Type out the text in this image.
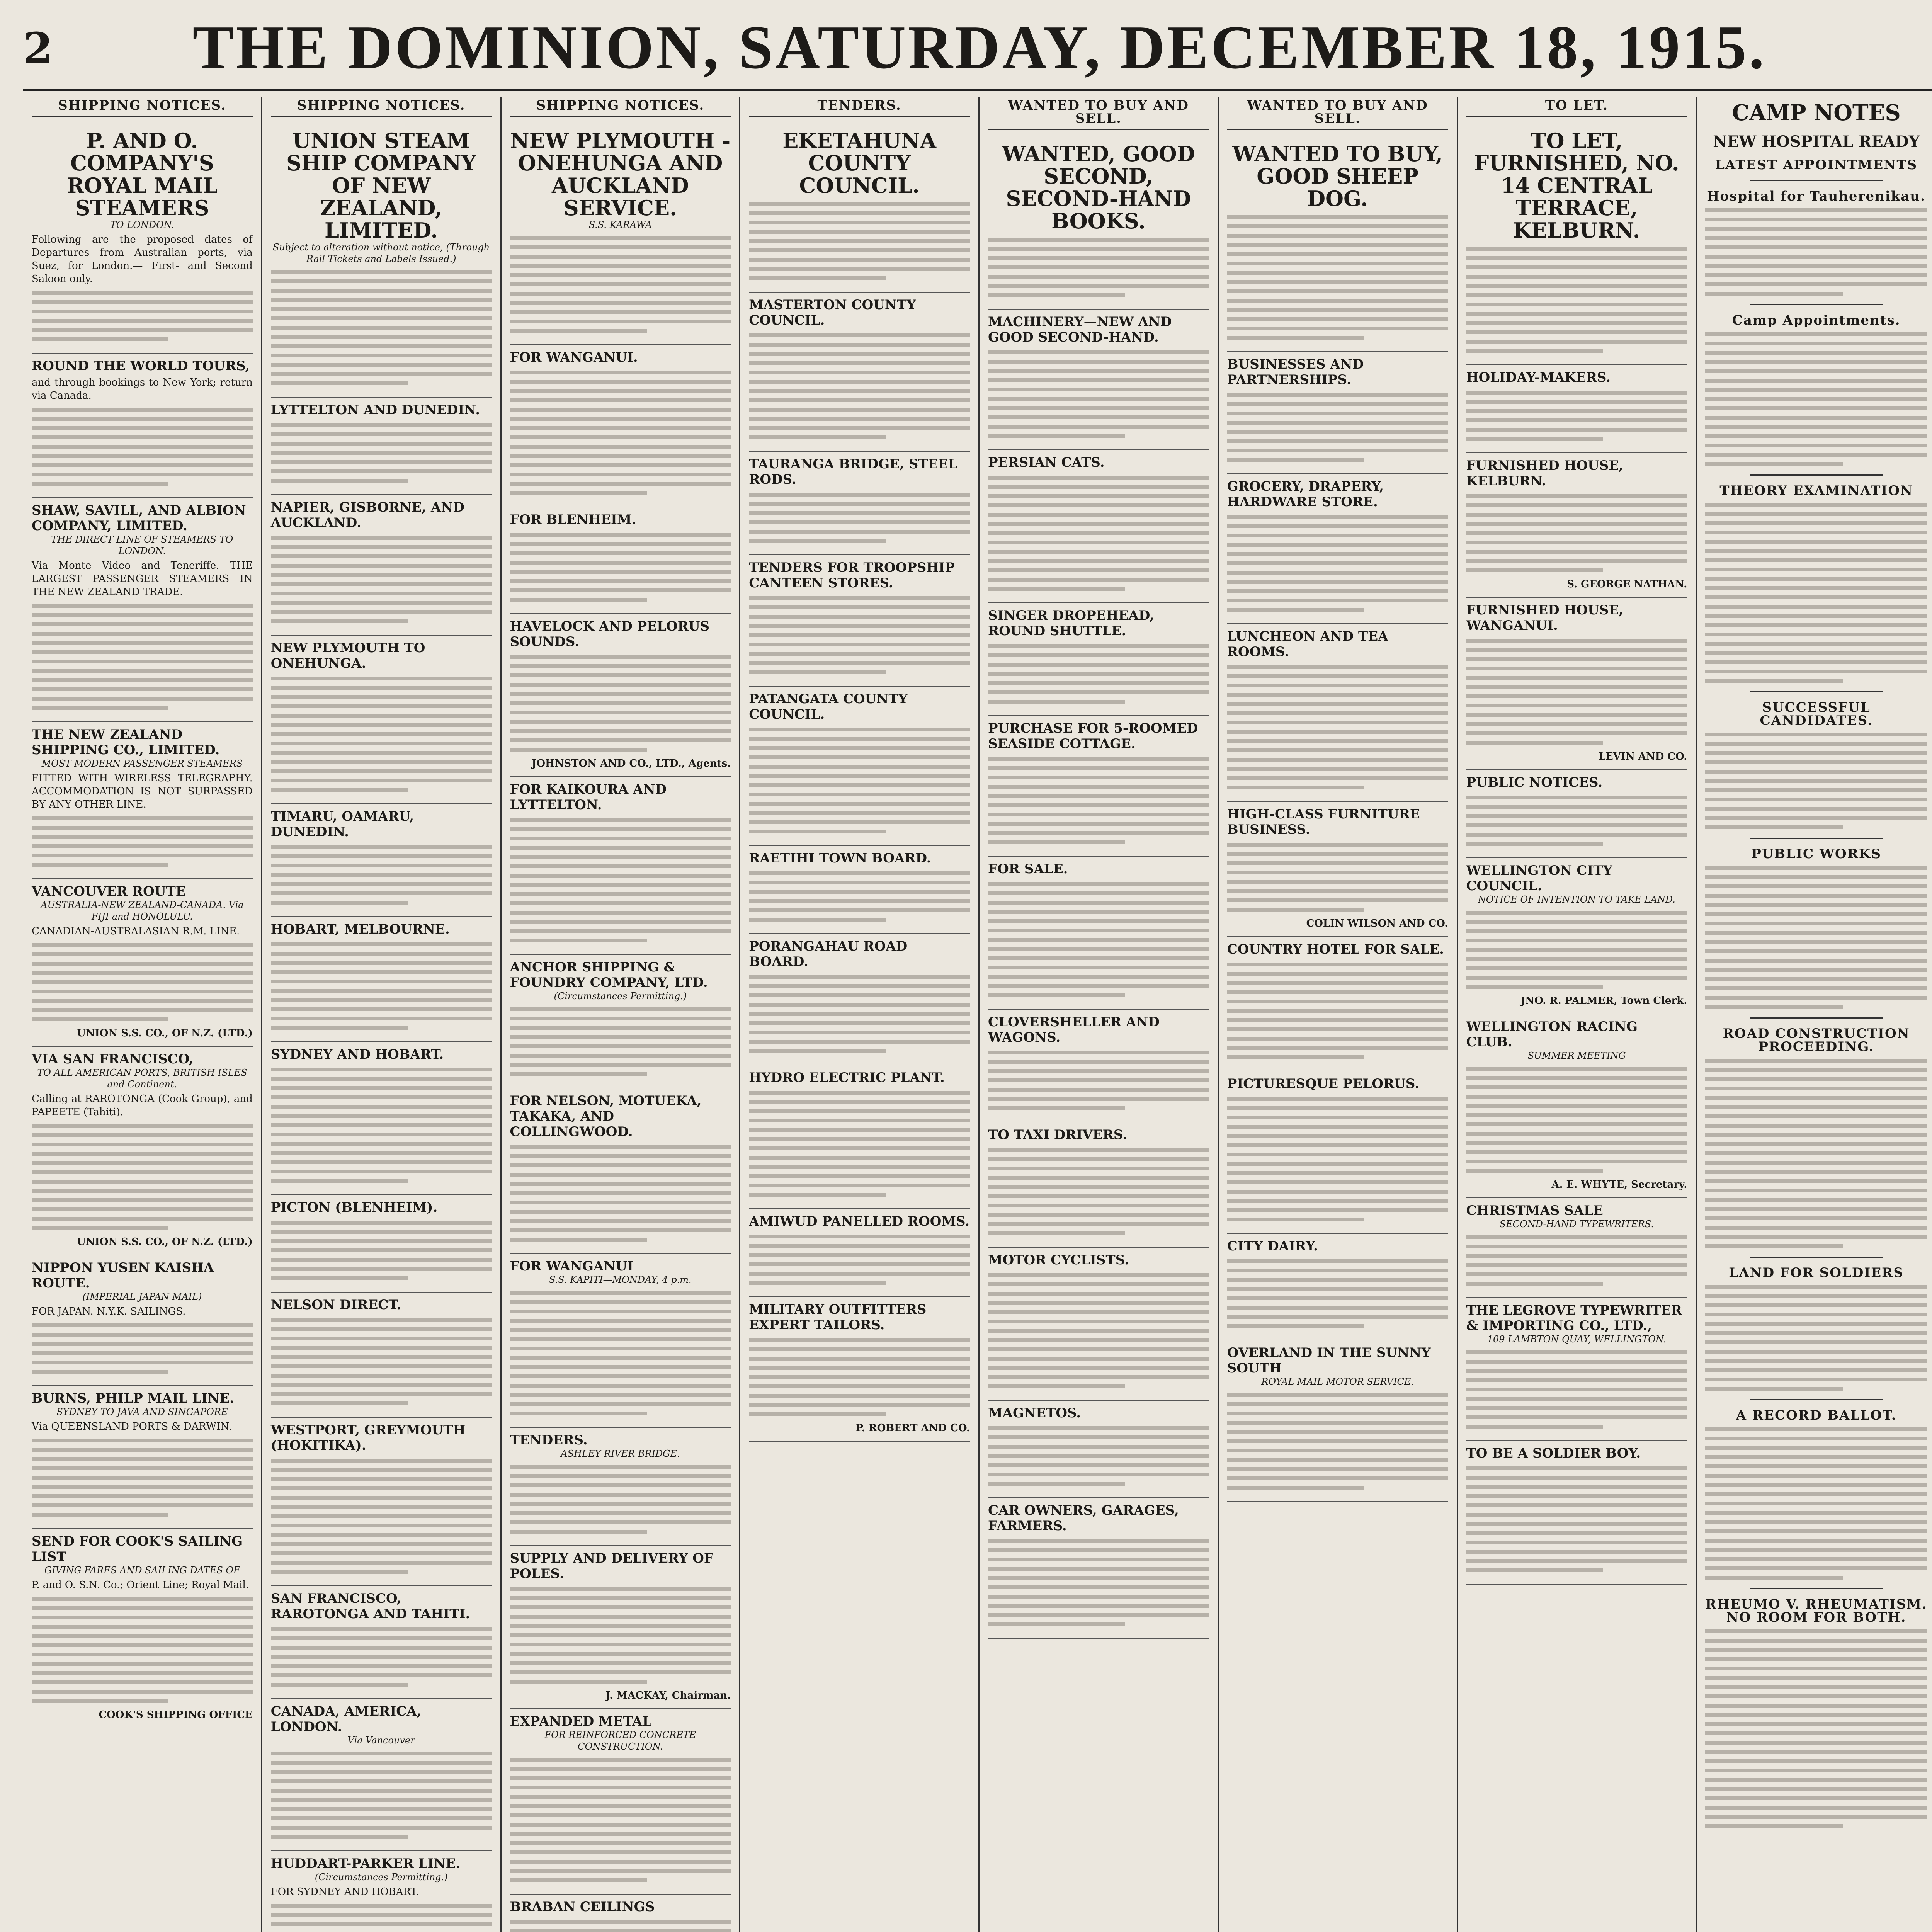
2	THE DOMINION, SATURDAY, DECEMBER 18, 1915.
SHIPPING NOTICES.
P. AND O. COMPANY'S ROYAL MAIL STEAMERS
TO LONDON.
Following are the proposed dates of Departures from Australian ports, via Suez, for London.— First- and Second Saloon only.
ROUND THE WORLD TOURS,
and through bookings to New York; return via Canada.
SHAW, SAVILL, AND ALBION COMPANY, LIMITED.
THE DIRECT LINE OF STEAMERS TO LONDON.
Via Monte Video and Teneriffe. THE LARGEST PASSENGER STEAMERS IN THE NEW ZEALAND TRADE.
THE NEW ZEALAND SHIPPING CO., LIMITED.
MOST MODERN PASSENGER STEAMERS
FITTED WITH WIRELESS TELEGRAPHY. ACCOMMODATION IS NOT SURPASSED BY ANY OTHER LINE.
VANCOUVER ROUTE
AUSTRALIA-NEW ZEALAND-CANADA. Via FIJI and HONOLULU.
CANADIAN-AUSTRALASIAN R.M. LINE.
UNION S.S. CO., OF N.Z. (LTD.)
VIA SAN FRANCISCO,
TO ALL AMERICAN PORTS, BRITISH ISLES and Continent.
Calling at RAROTONGA (Cook Group), and PAPEETE (Tahiti).
UNION S.S. CO., OF N.Z. (LTD.)
NIPPON YUSEN KAISHA ROUTE.
(IMPERIAL JAPAN MAIL)
FOR JAPAN. N.Y.K. SAILINGS.
BURNS, PHILP MAIL LINE.
SYDNEY TO JAVA AND SINGAPORE
Via QUEENSLAND PORTS & DARWIN.
SEND FOR COOK'S SAILING LIST
GIVING FARES AND SAILING DATES OF
P. and O. S.N. Co.; Orient Line; Royal Mail.
COOK'S SHIPPING OFFICE
SHIPPING NOTICES.
UNION STEAM SHIP COMPANY OF NEW ZEALAND, LIMITED.
Subject to alteration without notice, (Through Rail Tickets and Labels Issued.)
LYTTELTON AND DUNEDIN.
NAPIER, GISBORNE, AND AUCKLAND.
NEW PLYMOUTH TO ONEHUNGA.
TIMARU, OAMARU, DUNEDIN.
HOBART, MELBOURNE.
SYDNEY AND HOBART.
PICTON (BLENHEIM).
NELSON DIRECT.
WESTPORT, GREYMOUTH (HOKITIKA).
SAN FRANCISCO, RAROTONGA AND TAHITI.
CANADA, AMERICA, LONDON.
Via Vancouver
HUDDART-PARKER LINE.
(Circumstances Permitting.)
FOR SYDNEY AND HOBART.
SHIPPING NOTICES.
NEW PLYMOUTH - ONEHUNGA AND AUCKLAND SERVICE.
S.S. KARAWA
FOR WANGANUI.
FOR BLENHEIM.
HAVELOCK AND PELORUS SOUNDS.
JOHNSTON AND CO., LTD., Agents.
FOR KAIKOURA AND LYTTELTON.
ANCHOR SHIPPING & FOUNDRY COMPANY, LTD.
(Circumstances Permitting.)
FOR NELSON, MOTUEKA, TAKAKA, AND COLLINGWOOD.
FOR WANGANUI
S.S. KAPITI—MONDAY, 4 p.m.
TENDERS.
ASHLEY RIVER BRIDGE.
SUPPLY AND DELIVERY OF POLES.
J. MACKAY, Chairman.
EXPANDED METAL
FOR REINFORCED CONCRETE CONSTRUCTION.
BRABAN CEILINGS
TENDERS.
EKETAHUNA COUNTY COUNCIL.
MASTERTON COUNTY COUNCIL.
TAURANGA BRIDGE, STEEL RODS.
TENDERS FOR TROOPSHIP CANTEEN STORES.
PATANGATA COUNTY COUNCIL.
RAETIHI TOWN BOARD.
PORANGAHAU ROAD BOARD.
HYDRO ELECTRIC PLANT.
AMIWUD PANELLED ROOMS.
MILITARY OUTFITTERS EXPERT TAILORS.
P. ROBERT AND CO.
WANTED TO BUY AND SELL.
WANTED, GOOD SECOND, SECOND-HAND BOOKS.
MACHINERY—NEW AND GOOD SECOND-HAND.
PERSIAN CATS.
SINGER DROPEHEAD, ROUND SHUTTLE.
PURCHASE FOR 5-ROOMED SEASIDE COTTAGE.
FOR SALE.
CLOVERSHELLER AND WAGONS.
TO TAXI DRIVERS.
MOTOR CYCLISTS.
MAGNETOS.
CAR OWNERS, GARAGES, FARMERS.
WANTED TO BUY AND SELL.
WANTED TO BUY, GOOD SHEEP DOG.
BUSINESSES AND PARTNERSHIPS.
GROCERY, DRAPERY, HARDWARE STORE.
LUNCHEON AND TEA ROOMS.
HIGH-CLASS FURNITURE BUSINESS.
COLIN WILSON AND CO.
COUNTRY HOTEL FOR SALE.
PICTURESQUE PELORUS.
CITY DAIRY.
OVERLAND IN THE SUNNY SOUTH
ROYAL MAIL MOTOR SERVICE.
TO LET.
TO LET, FURNISHED, NO. 14 CENTRAL TERRACE, KELBURN.
HOLIDAY-MAKERS.
FURNISHED HOUSE, KELBURN.
S. GEORGE NATHAN.
FURNISHED HOUSE, WANGANUI.
LEVIN AND CO.
PUBLIC NOTICES.
WELLINGTON CITY COUNCIL.
NOTICE OF INTENTION TO TAKE LAND.
JNO. R. PALMER, Town Clerk.
WELLINGTON RACING CLUB.
SUMMER MEETING
A. E. WHYTE, Secretary.
CHRISTMAS SALE
SECOND-HAND TYPEWRITERS.
THE LEGROVE TYPEWRITER & IMPORTING CO., LTD.,
109 LAMBTON QUAY, WELLINGTON.
TO BE A SOLDIER BOY.
CAMP NOTES
NEW HOSPITAL READY
LATEST APPOINTMENTS
Hospital for Tauherenikau.
Camp Appointments.
THEORY EXAMINATION
SUCCESSFUL CANDIDATES.
PUBLIC WORKS
ROAD CONSTRUCTION PROCEEDING.
LAND FOR SOLDIERS
A RECORD BALLOT.
RHEUMO V. RHEUMATISM. NO ROOM FOR BOTH.
